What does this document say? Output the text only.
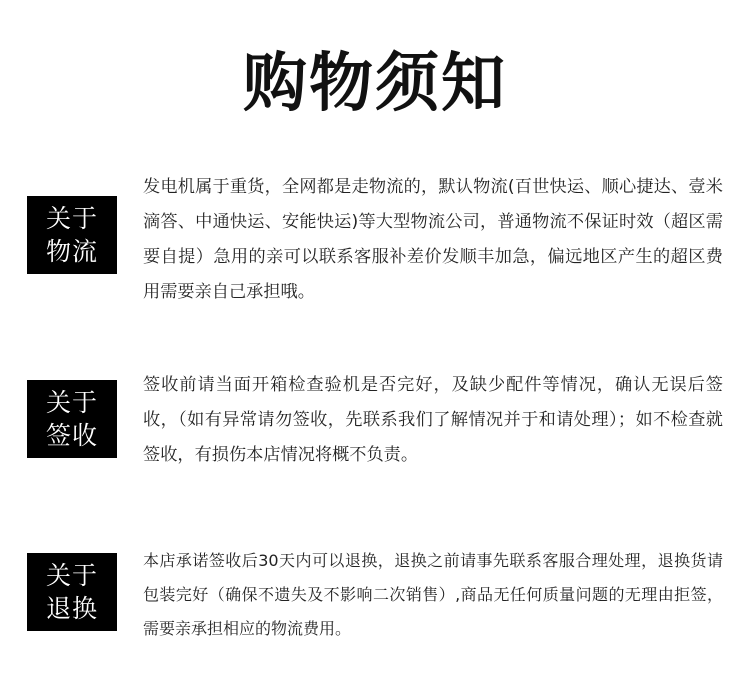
购物须知
关于
物流
发电机属于重货，全网都是走物流的，默认物流(百世快运、顺心捷达、壹米滴答、中通快运、安能快运)等大型物流公司，普通物流不保证时效（超区需要自提）急用的亲可以联系客服补差价发顺丰加急，偏远地区产生的超区费用需要亲自己承担哦。
关于
签收
签收前请当面开箱检查验机是否完好，及缺少配件等情况，确认无误后签收，（如有异常请勿签收，先联系我们了解情况并于和请处理）；如不检查就签收，有损伤本店情况将概不负责。
关于
退换
本店承诺签收后30天内可以退换，退换之前请事先联系客服合理处理，退换货请包装完好（确保不遗失及不影响二次销售）,商品无任何质量问题的无理由拒签，需要亲承担相应的物流费用。
